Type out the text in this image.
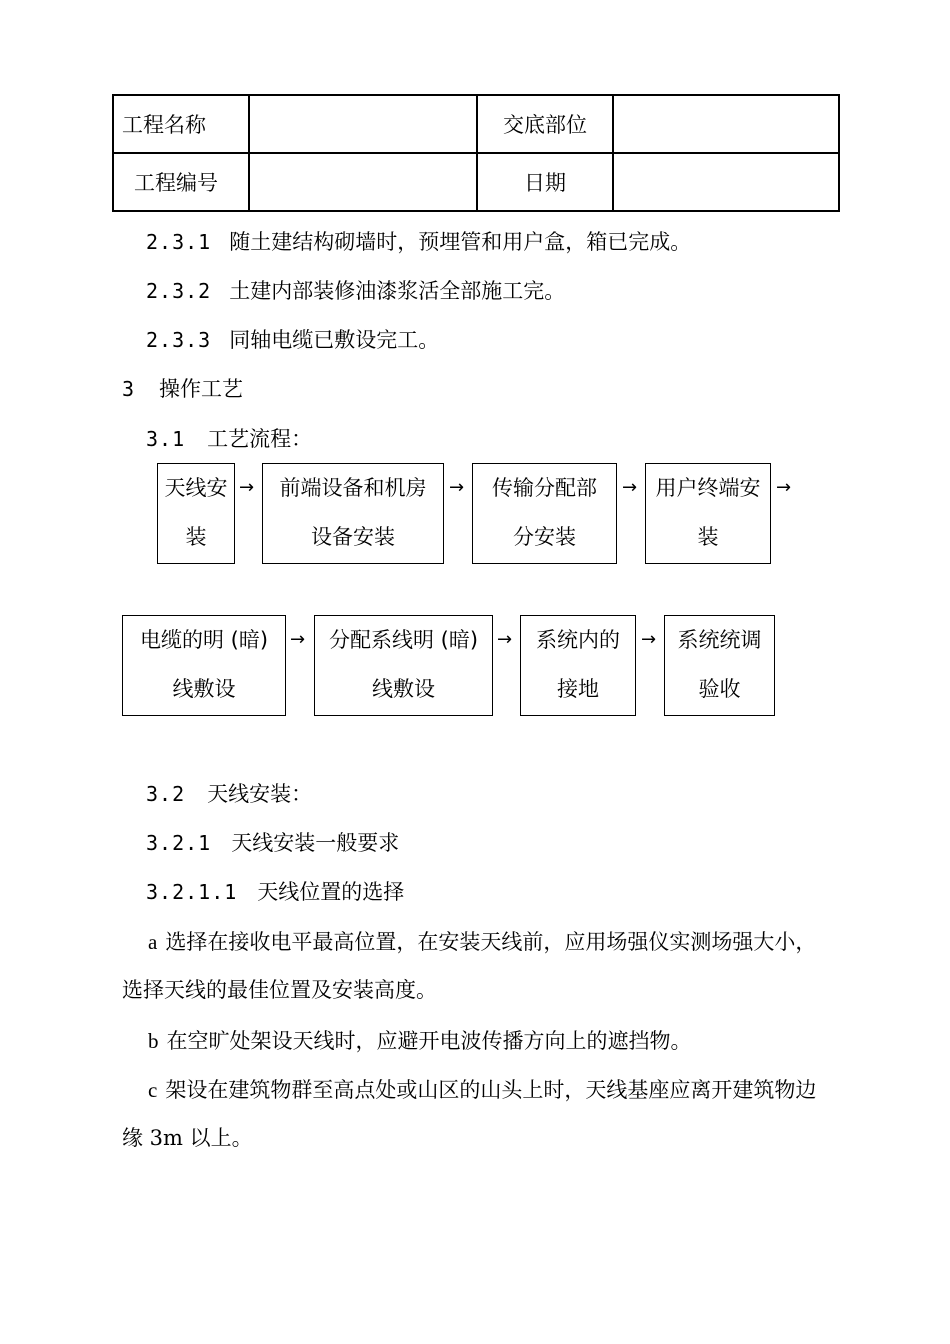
工程名称		交底部位	
工程编号		日期	
2.3.1 随土建结构砌墙时，预埋管和用户盒，箱已完成。
2.3.2 土建内部装修油漆浆活全部施工完。
2.3.3 同轴电缆已敷设完工。
3 操作工艺
3.1 工艺流程：
天线安
装
→	前端设备和机房
设备安装
→	传输分配部
分安装
→ 用户终端安
装
→
电缆的明 (暗)
线敷设
→	分配系线明 (暗)
线敷设
→	系统内的
接地
→	系统统调
验收
3.2 天线安装：
3.2.1 天线安装一般要求
3.2.1.1 天线位置的选择
a 选择在接收电平最高位置，在安装天线前，应用场强仪实测场强大小，选择天线的最佳位置及安装高度。
b 在空旷处架设天线时，应避开电波传播方向上的遮挡物。
c 架设在建筑物群至高点处或山区的山头上时，天线基座应离开建筑物边缘 3m 以上。
